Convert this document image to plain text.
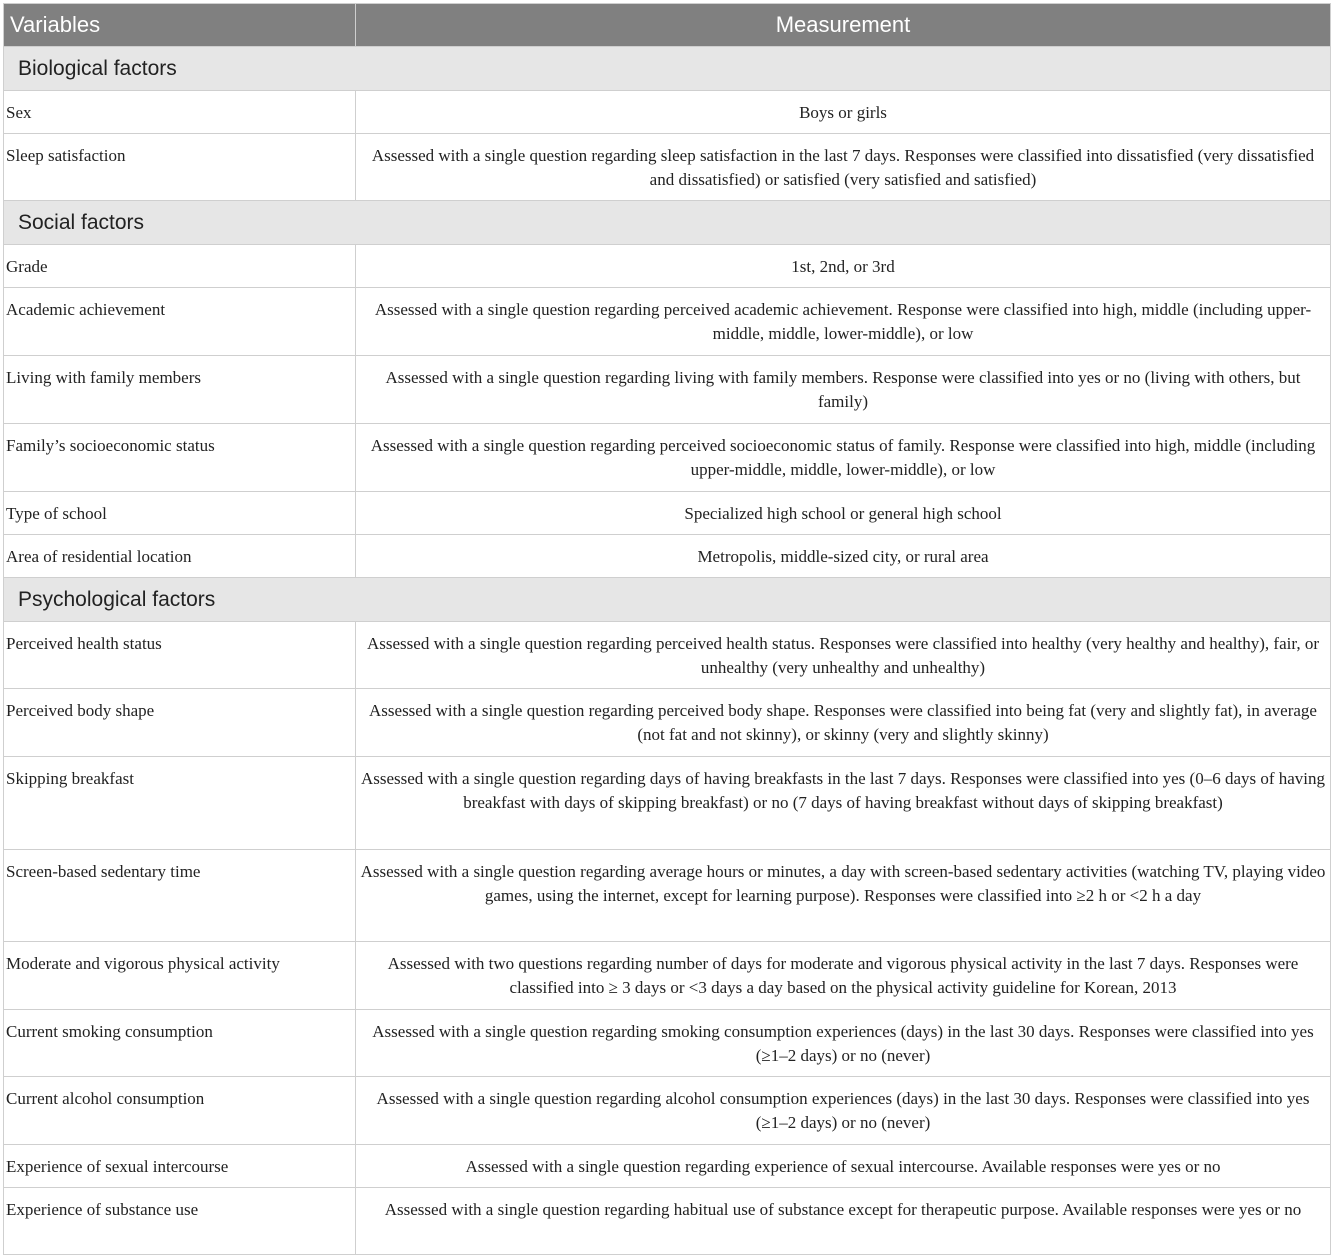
Variables	Measurement
Biological factors	
Sex	Boys or girls
Sleep satisfaction	Assessed with a single question regarding sleep satisfaction in the last 7 days. Responses were classified into dissatisfied (very dissatisfied and dissatisfied) or satisfied (very satisfied and satisfied)
Social factors	
Grade	1st, 2nd, or 3rd
Academic achievement	Assessed with a single question regarding perceived academic achievement. Response were classified into high, middle (including upper-middle, middle, lower-middle), or low
Living with family members	Assessed with a single question regarding living with family members. Response were classified into yes or no (living with others, but family)
Family’s socioeconomic status	Assessed with a single question regarding perceived socioeconomic status of family. Response were classified into high, middle (including upper-middle, middle, lower-middle), or low
Type of school	Specialized high school or general high school
Area of residential location	Metropolis, middle-sized city, or rural area
Psychological factors	
Perceived health status	Assessed with a single question regarding perceived health status. Responses were classified into healthy (very healthy and healthy), fair, or unhealthy (very unhealthy and unhealthy)
Perceived body shape	Assessed with a single question regarding perceived body shape. Responses were classified into being fat (very and slightly fat), in average (not fat and not skinny), or skinny (very and slightly skinny)
Skipping breakfast	Assessed with a single question regarding days of having breakfasts in the last 7 days. Responses were classified into yes (0–6 days of having breakfast with days of skipping breakfast) or no (7 days of having breakfast without days of skipping breakfast)
Screen-based sedentary time	Assessed with a single question regarding average hours or minutes, a day with screen-based sedentary activities (watching TV, playing video games, using the internet, except for learning purpose). Responses were classified into ≥2 h or <2 h a day
Moderate and vigorous physical activity	Assessed with two questions regarding number of days for moderate and vigorous physical activity in the last 7 days. Responses were classified into ≥ 3 days or <3 days a day based on the physical activity guideline for Korean, 2013
Current smoking consumption	Assessed with a single question regarding smoking consumption experiences (days) in the last 30 days. Responses were classified into yes (≥1–2 days) or no (never)
Current alcohol consumption	Assessed with a single question regarding alcohol consumption experiences (days) in the last 30 days. Responses were classified into yes (≥1–2 days) or no (never)
Experience of sexual intercourse	Assessed with a single question regarding experience of sexual intercourse. Available responses were yes or no
Experience of substance use	Assessed with a single question regarding habitual use of substance except for therapeutic purpose. Available responses were yes or no
